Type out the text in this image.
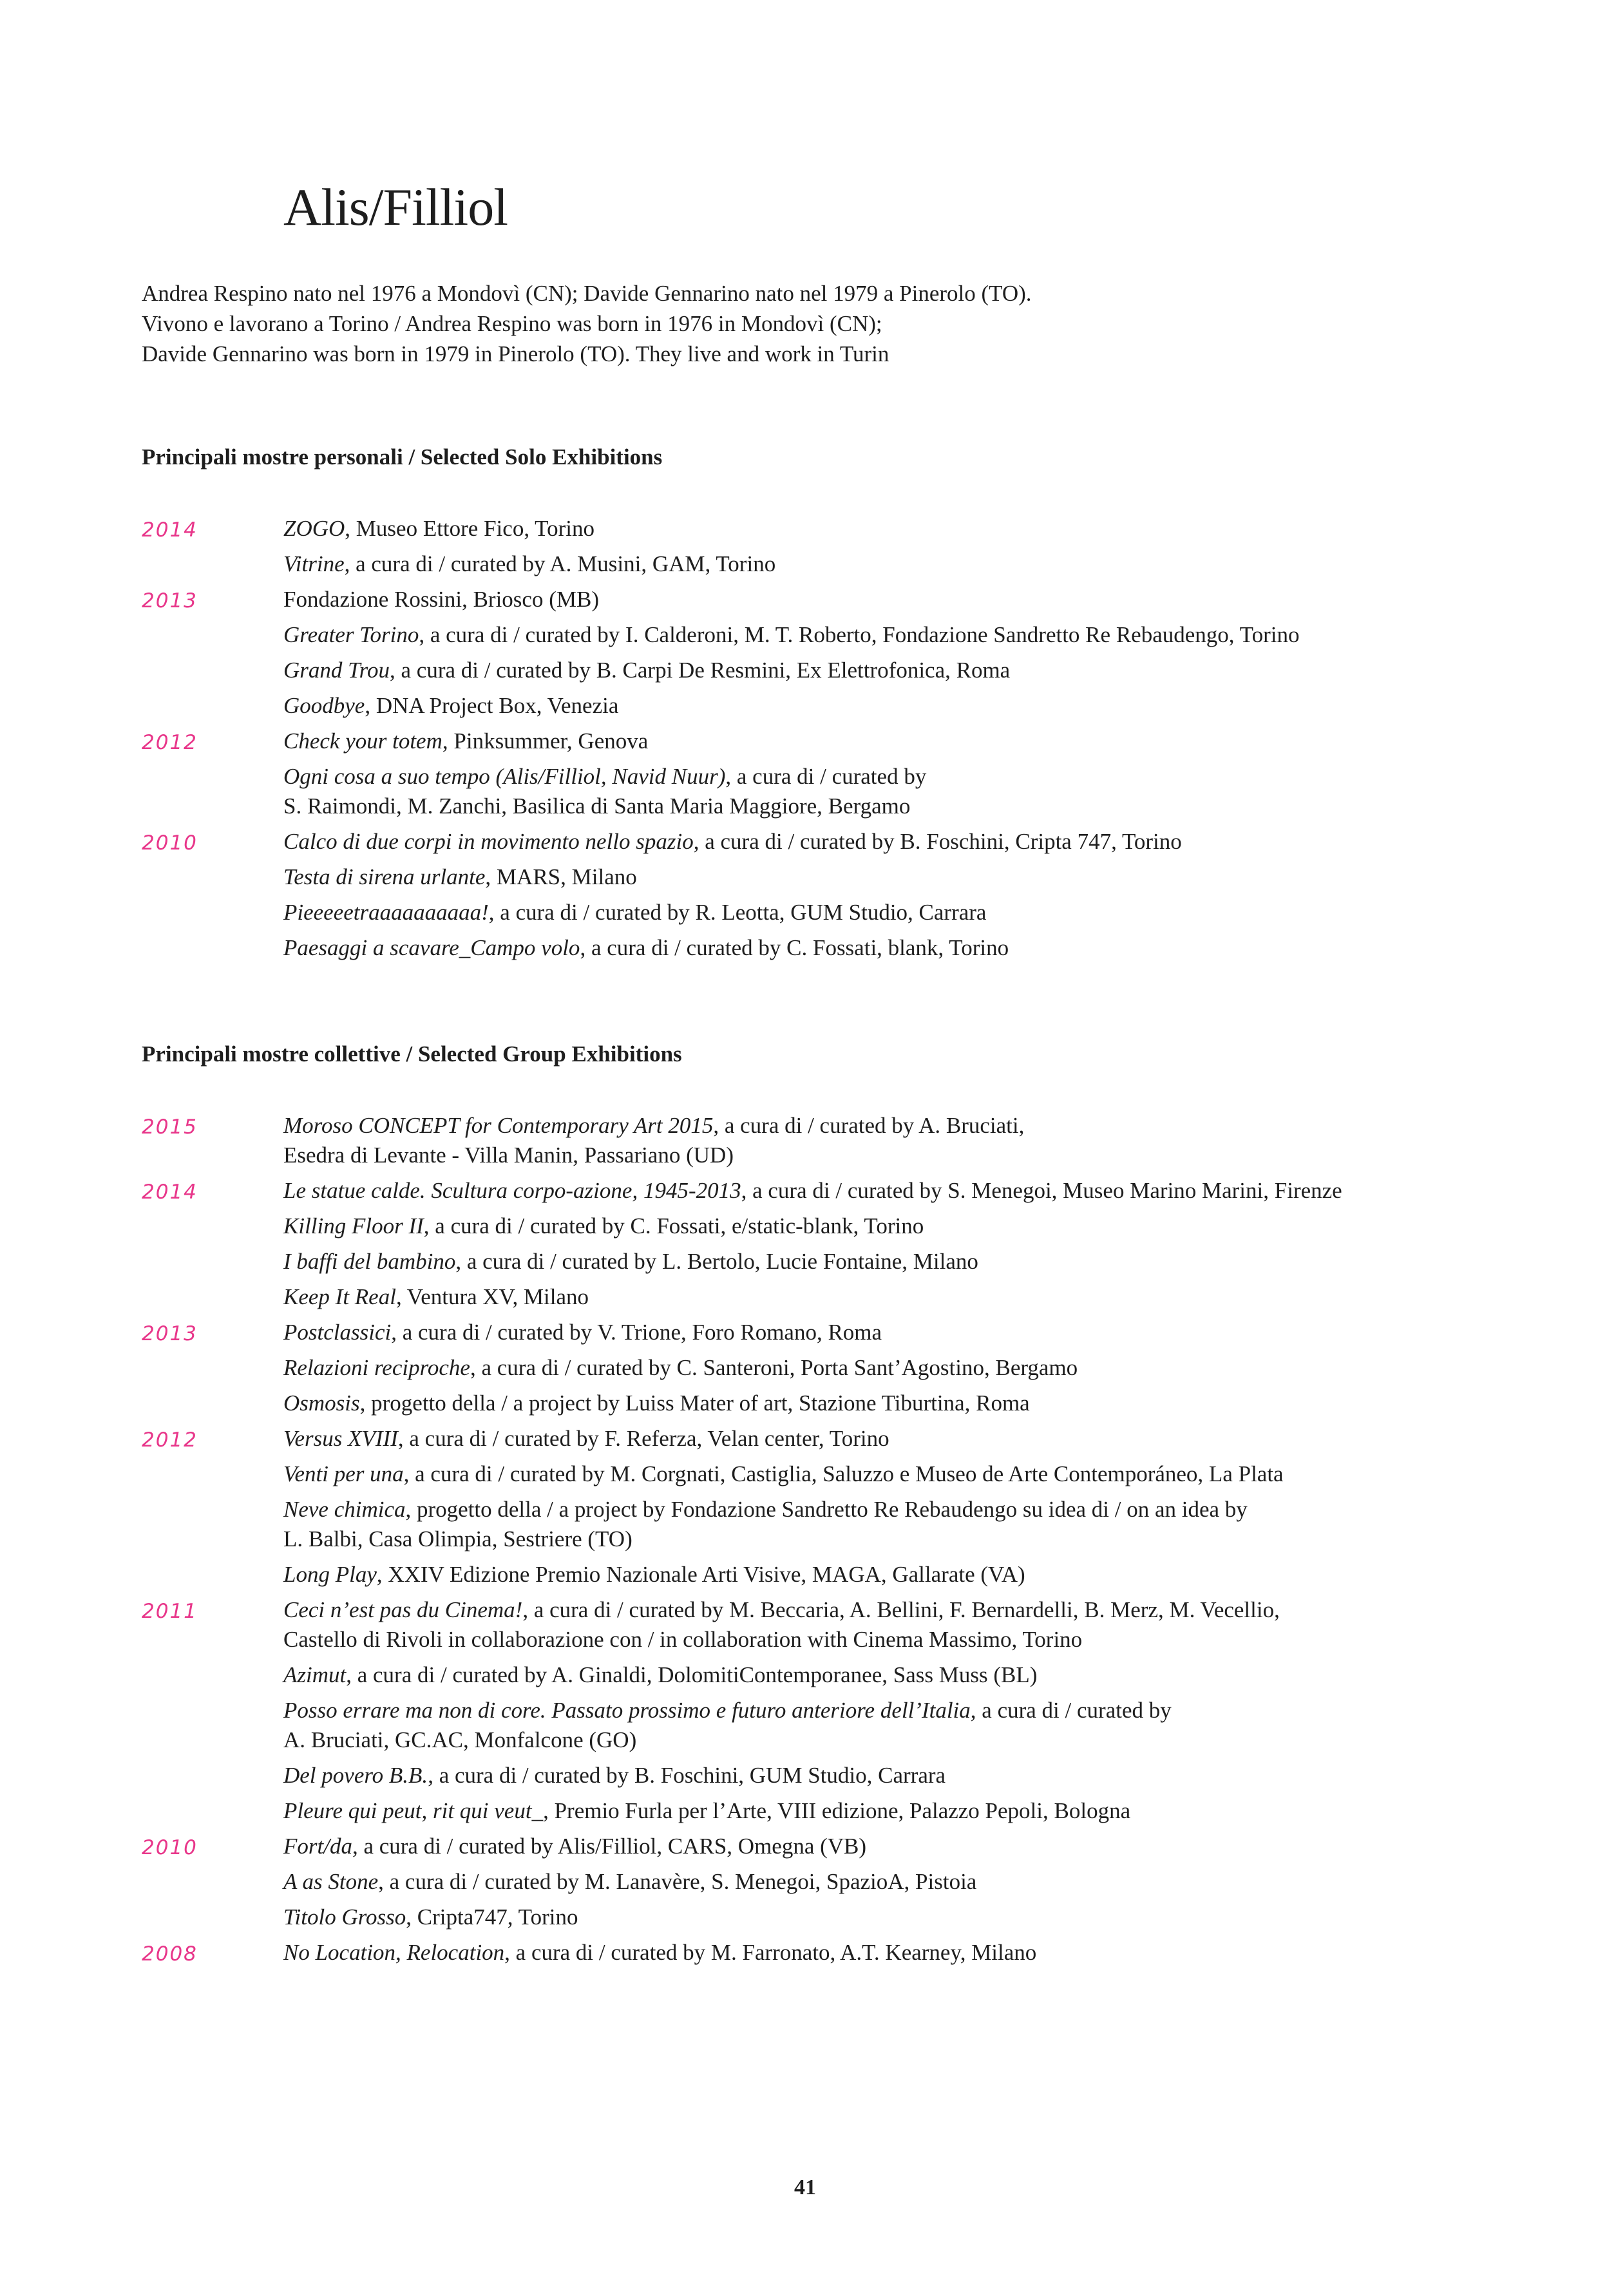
Alis/Filliol
Andrea Respino nato nel 1976 a Mondovì (CN); Davide Gennarino nato nel 1979 a Pinerolo (TO).
Vivono e lavorano a Torino / Andrea Respino was born in 1976 in Mondovì (CN);
Davide Gennarino was born in 1979 in Pinerolo (TO). They live and work in Turin
Principali mostre personali / Selected Solo Exhibitions
2014	ZOGO, Museo Ettore Fico, Torino
Vitrine, a cura di / curated by A. Musini, GAM, Torino
2013	Fondazione Rossini, Briosco (MB)
Greater Torino, a cura di / curated by I. Calderoni, M. T. Roberto, Fondazione Sandretto Re Rebaudengo, Torino
Grand Trou, a cura di / curated by B. Carpi De Resmini, Ex Elettrofonica, Roma
Goodbye, DNA Project Box, Venezia
2012	Check your totem, Pinksummer, Genova
Ogni cosa a suo tempo (Alis/Filliol, Navid Nuur), a cura di / curated by
S. Raimondi, M. Zanchi, Basilica di Santa Maria Maggiore, Bergamo
2010	Calco di due corpi in movimento nello spazio, a cura di / curated by B. Foschini, Cripta 747, Torino
Testa di sirena urlante, MARS, Milano
Pieeeeetraaaaaaaaaa!, a cura di / curated by R. Leotta, GUM Studio, Carrara
Paesaggi a scavare_Campo volo, a cura di / curated by C. Fossati, blank, Torino
Principali mostre collettive / Selected Group Exhibitions
2015	Moroso CONCEPT for Contemporary Art 2015, a cura di / curated by A. Bruciati,
Esedra di Levante - Villa Manin, Passariano (UD)
2014	Le statue calde. Scultura corpo-azione, 1945-2013, a cura di / curated by S. Menegoi, Museo Marino Marini, Firenze
Killing Floor II, a cura di / curated by C. Fossati, e/static-blank, Torino
I baffi del bambino, a cura di / curated by L. Bertolo, Lucie Fontaine, Milano
Keep It Real, Ventura XV, Milano
2013	Postclassici, a cura di / curated by V. Trione, Foro Romano, Roma
Relazioni reciproche, a cura di / curated by C. Santeroni, Porta Sant’Agostino, Bergamo
Osmosis, progetto della / a project by Luiss Mater of art, Stazione Tiburtina, Roma
2012	Versus XVIII, a cura di / curated by F. Referza, Velan center, Torino
Venti per una, a cura di / curated by M. Corgnati, Castiglia, Saluzzo e Museo de Arte Contemporáneo, La Plata
Neve chimica, progetto della / a project by Fondazione Sandretto Re Rebaudengo su idea di / on an idea by
L. Balbi, Casa Olimpia, Sestriere (TO)
Long Play, XXIV Edizione Premio Nazionale Arti Visive, MAGA, Gallarate (VA)
2011	Ceci n’est pas du Cinema!, a cura di / curated by M. Beccaria, A. Bellini, F. Bernardelli, B. Merz, M. Vecellio,
Castello di Rivoli in collaborazione con / in collaboration with Cinema Massimo, Torino
Azimut, a cura di / curated by A. Ginaldi, DolomitiContemporanee, Sass Muss (BL)
Posso errare ma non di core. Passato prossimo e futuro anteriore dell’Italia, a cura di / curated by
A. Bruciati, GC.AC, Monfalcone (GO)
Del povero B.B., a cura di / curated by B. Foschini, GUM Studio, Carrara
Pleure qui peut, rit qui veut_, Premio Furla per l’Arte, VIII edizione, Palazzo Pepoli, Bologna
2010	Fort/da, a cura di / curated by Alis/Filliol, CARS, Omegna (VB)
A as Stone, a cura di / curated by M. Lanavère, S. Menegoi, SpazioA, Pistoia
Titolo Grosso, Cripta747, Torino
2008	No Location, Relocation, a cura di / curated by M. Farronato, A.T. Kearney, Milano
41
